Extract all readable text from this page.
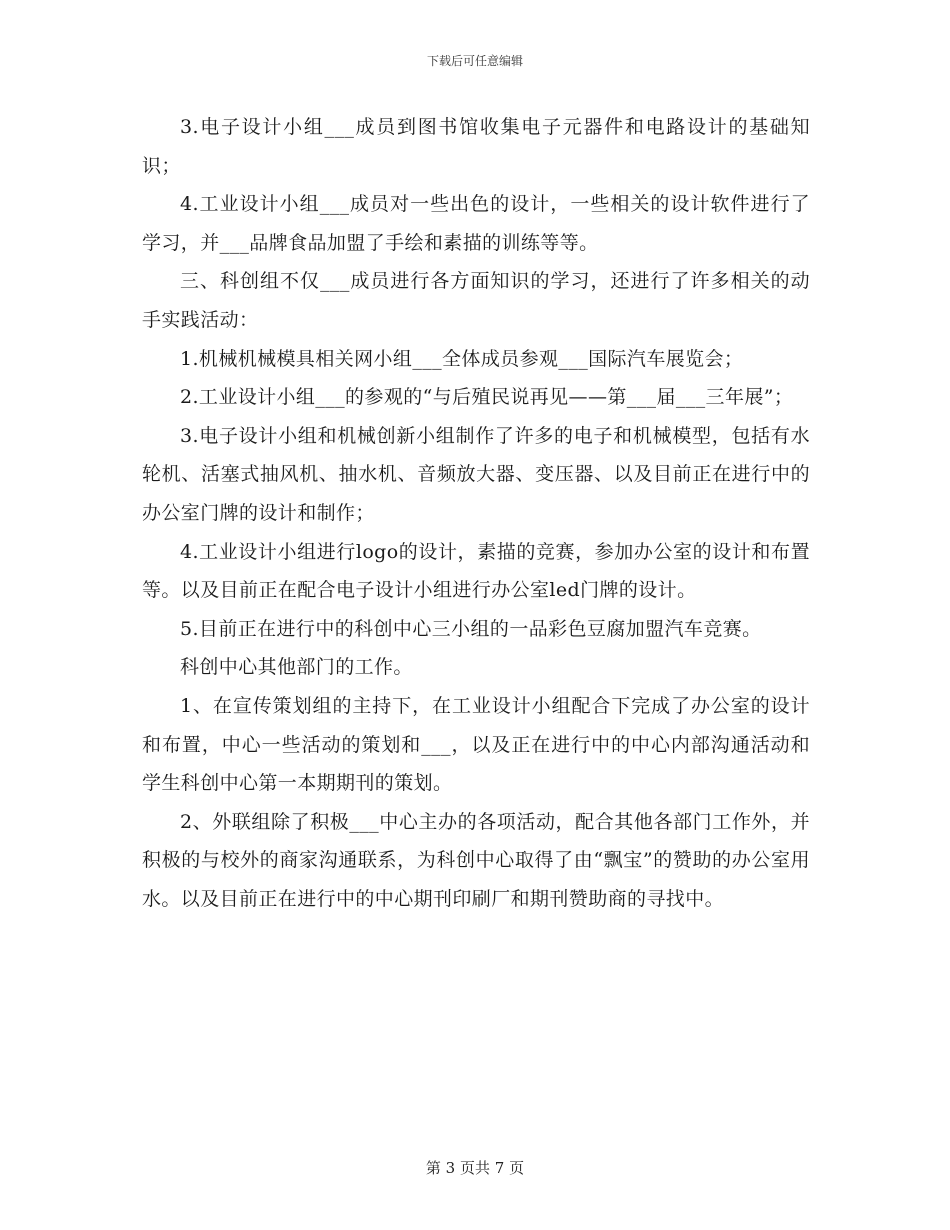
下载后可任意编辑

3.电子设计小组___成员到图书馆收集电子元器件和电路设计的基础知识；

4.工业设计小组___成员对一些出色的设计，一些相关的设计软件进行了学习，并___品牌食品加盟了手绘和素描的训练等等。

三、科创组不仅___成员进行各方面知识的学习，还进行了许多相关的动手实践活动：

1.机械机械模具相关网小组___全体成员参观___国际汽车展览会；

2.工业设计小组___的参观的“与后殖民说再见——第___届___三年展”；

3.电子设计小组和机械创新小组制作了许多的电子和机械模型，包括有水轮机、活塞式抽风机、抽水机、音频放大器、变压器、以及目前正在进行中的办公室门牌的设计和制作；

4.工业设计小组进行logo的设计，素描的竞赛，参加办公室的设计和布置等。以及目前正在配合电子设计小组进行办公室led门牌的设计。

5.目前正在进行中的科创中心三小组的一品彩色豆腐加盟汽车竞赛。

科创中心其他部门的工作。

1、在宣传策划组的主持下，在工业设计小组配合下完成了办公室的设计和布置，中心一些活动的策划和___，以及正在进行中的中心内部沟通活动和学生科创中心第一本期期刊的策划。

2、外联组除了积极___中心主办的各项活动，配合其他各部门工作外，并积极的与校外的商家沟通联系，为科创中心取得了由“飘宝”的赞助的办公室用水。以及目前正在进行中的中心期刊印刷厂和期刊赞助商的寻找中。

第 3 页共 7 页
